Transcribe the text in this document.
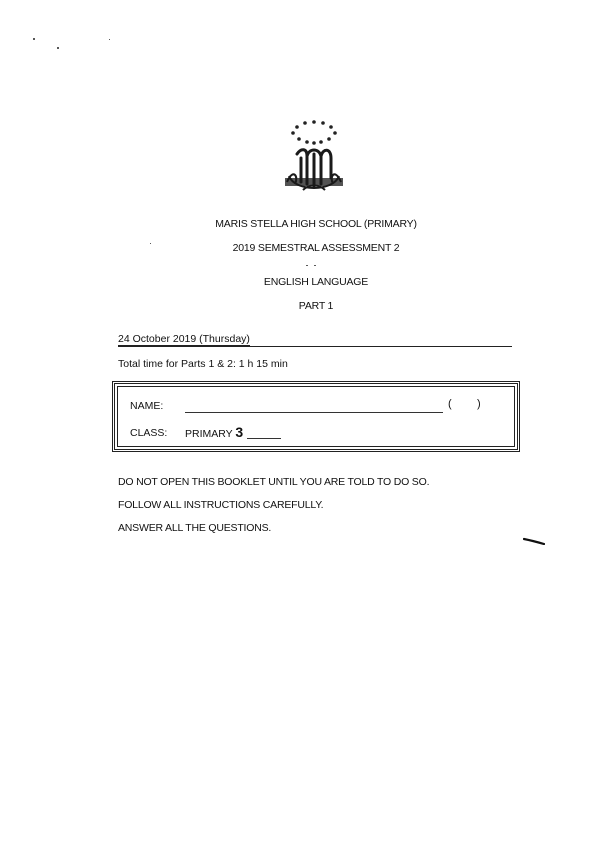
MARIS STELLA HIGH SCHOOL (PRIMARY)
2019 SEMESTRAL ASSESSMENT 2
ENGLISH LANGUAGE
PART 1
24 October 2019 (Thursday)
Total time for Parts 1 & 2: 1 h 15 min
NAME:	( )
CLASS: PRIMARY 3
DO NOT OPEN THIS BOOKLET UNTIL YOU ARE TOLD TO DO SO.
FOLLOW ALL INSTRUCTIONS CAREFULLY.
ANSWER ALL THE QUESTIONS.
